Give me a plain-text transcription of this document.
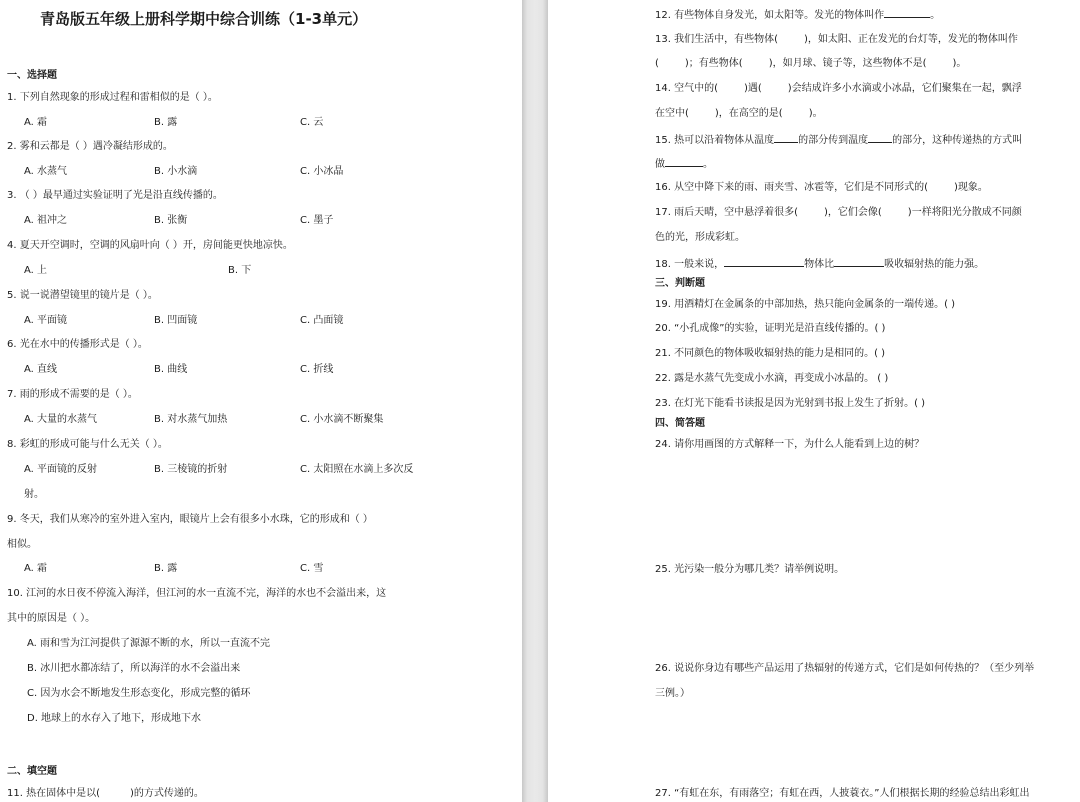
青岛版五年级上册科学期中综合训练（1-3单元）
一、选择题
1. 下列自然现象的形成过程和雷相似的是（ ）。
A. 霜	B. 露	C. 云
2. 雾和云都是（ ）遇冷凝结形成的。
A. 水蒸气	B. 小水滴	C. 小冰晶
3. （ ）最早通过实验证明了光是沿直线传播的。
A. 祖冲之	B. 张衡	C. 墨子
4. 夏天开空调时，空调的风扇叶向（ ）开，房间能更快地凉快。
A. 上	B. 下
5. 说一说潜望镜里的镜片是（ ）。
A. 平面镜	B. 凹面镜	C. 凸面镜
6. 光在水中的传播形式是（ ）。
A. 直线	B. 曲线	C. 折线
7. 雨的形成不需要的是（ ）。
A. 大量的水蒸气	B. 对水蒸气加热	C. 小水滴不断聚集
8. 彩虹的形成可能与什么无关（ ）。
A. 平面镜的反射	B. 三棱镜的折射	C. 太阳照在水滴上多次反
射。
9. 冬天，我们从寒冷的室外进入室内，眼镜片上会有很多小水珠，它的形成和（ ）
相似。
A. 霜	B. 露	C. 雪
10. 江河的水日夜不停流入海洋，但江河的水一直流不完，海洋的水也不会溢出来，这
其中的原因是（ ）。
A. 雨和雪为江河提供了源源不断的水，所以一直流不完
B. 冰川把水都冻结了，所以海洋的水不会溢出来
C. 因为水会不断地发生形态变化，形成完整的循环
D. 地球上的水存入了地下，形成地下水
二、填空题
11. 热在固体中是以(	)的方式传递的。
12. 有些物体自身发光，如太阳等。发光的物体叫作	。
13. 我们生活中，有些物体(	)，如太阳、正在发光的台灯等，发光的物体叫作
(	)；有些物体(	)，如月球、镜子等，这些物体不是(	)。
14. 空气中的(	)遇(	)会结成许多小水滴或小冰晶，它们聚集在一起，飘浮
在空中(	)，在高空的是(	)。
15. 热可以沿着物体从温度 的部分传到温度 的部分，这种传递热的方式叫
做	。
16. 从空中降下来的雨、雨夹雪、冰雹等，它们是不同形式的(	)现象。
17. 雨后天晴，空中悬浮着很多(	)，它们会像(	)一样将阳光分散成不同颜
色的光，形成彩虹。
18. 一般来说，	物体比	吸收辐射热的能力强。
三、判断题
19. 用酒精灯在金属条的中部加热，热只能向金属条的一端传递。( )
20. “小孔成像”的实验，证明光是沿直线传播的。( )
21. 不同颜色的物体吸收辐射热的能力是相同的。( )
22. 露是水蒸气先变成小水滴，再变成小冰晶的。 ( )
23. 在灯光下能看书读报是因为光射到书报上发生了折射。( )
四、简答题
24. 请你用画图的方式解释一下，为什么人能看到上边的树？
25. 光污染一般分为哪几类？请举例说明。
26. 说说你身边有哪些产品运用了热辐射的传递方式，它们是如何传热的？（至少列举
三例。）
27. “有虹在东，有雨落空；有虹在西，人披蓑衣。”人们根据长期的经验总结出彩虹出
